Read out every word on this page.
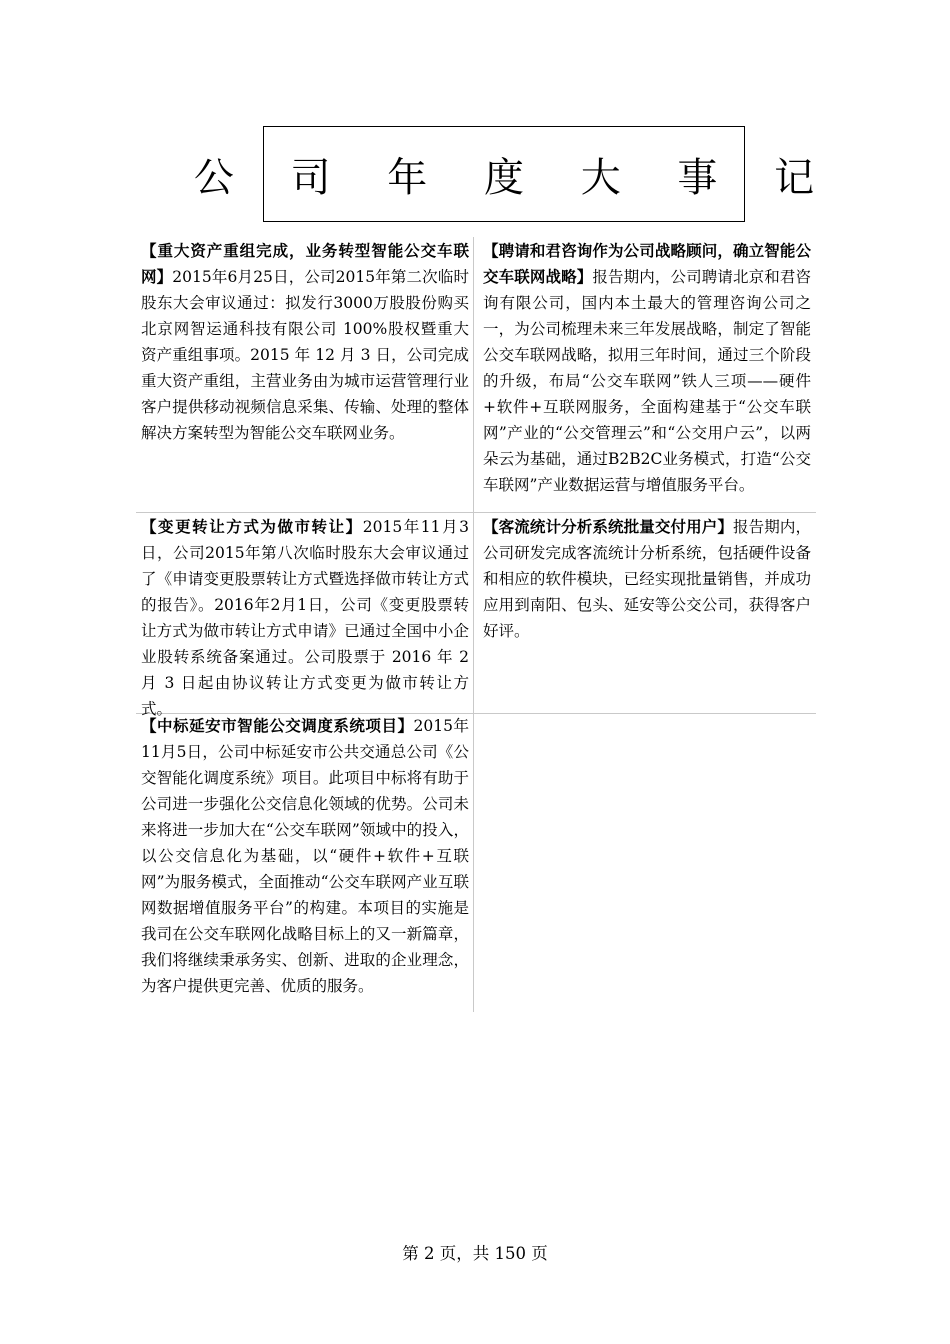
公 司 年 度 大 事 记
【重大资产重组完成，业务转型智能公交车联网】2015年6月25日，公司2015年第二次临时股东大会审议通过：拟发行3000万股股份购买北京网智运通科技有限公司 100%股权暨重大资产重组事项。2015 年 12 月 3 日，公司完成重大资产重组，主营业务由为城市运营管理行业客户提供移动视频信息采集、传输、处理的整体解决方案转型为智能公交车联网业务。
【聘请和君咨询作为公司战略顾问，确立智能公交车联网战略】报告期内，公司聘请北京和君咨询有限公司，国内本土最大的管理咨询公司之一，为公司梳理未来三年发展战略，制定了智能公交车联网战略，拟用三年时间，通过三个阶段的升级，布局“公交车联网”铁人三项——硬件+软件+互联网服务，全面构建基于“公交车联网”产业的“公交管理云”和“公交用户云”，以两朵云为基础，通过B2B2C业务模式，打造“公交车联网”产业数据运营与增值服务平台。
【变更转让方式为做市转让】2015年11月3日，公司2015年第八次临时股东大会审议通过了《申请变更股票转让方式暨选择做市转让方式的报告》。2016年2月1日，公司《变更股票转让方式为做市转让方式申请》已通过全国中小企业股转系统备案通过。公司股票于 2016 年 2 月 3 日起由协议转让方式变更为做市转让方式。
【客流统计分析系统批量交付用户】报告期内，公司研发完成客流统计分析系统，包括硬件设备和相应的软件模块，已经实现批量销售，并成功应用到南阳、包头、延安等公交公司，获得客户好评。
【中标延安市智能公交调度系统项目】2015年11月5日，公司中标延安市公共交通总公司《公交智能化调度系统》项目。此项目中标将有助于公司进一步强化公交信息化领域的优势。公司未来将进一步加大在“公交车联网”领域中的投入，以公交信息化为基础，以“硬件+软件+互联网”为服务模式，全面推动“公交车联网产业互联网数据增值服务平台”的构建。本项目的实施是我司在公交车联网化战略目标上的又一新篇章，我们将继续秉承务实、创新、进取的企业理念，为客户提供更完善、优质的服务。
第 2 页，共 150 页
